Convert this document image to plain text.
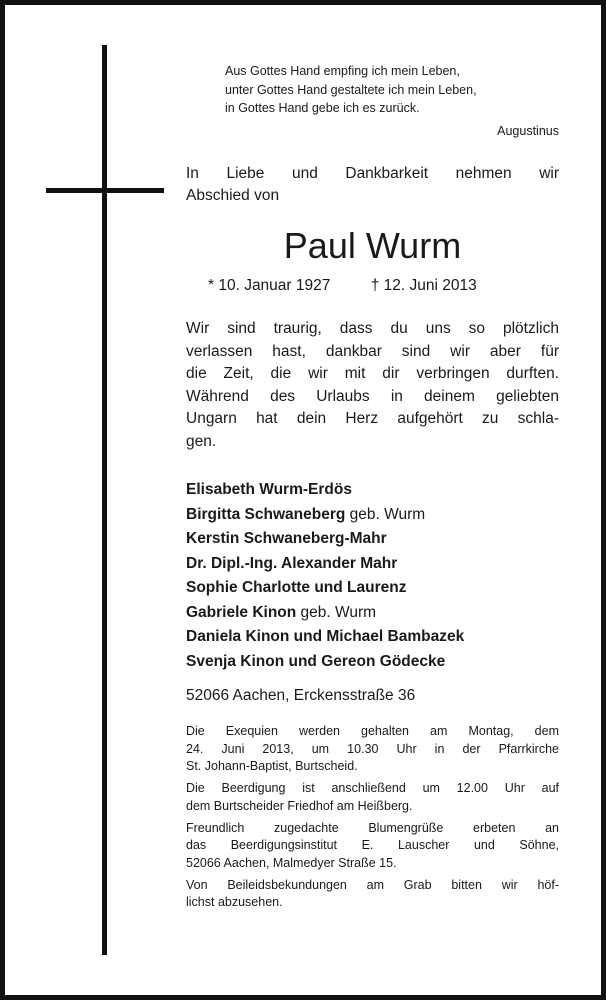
Aus Gottes Hand empfing ich mein Leben,
unter Gottes Hand gestaltete ich mein Leben,
in Gottes Hand gebe ich es zurück.
Augustinus
In Liebe und Dankbarkeit nehmen wir
Abschied von
Paul Wurm
* 10. Januar 1927	† 12. Juni 2013
Wir sind traurig, dass du uns so plötzlich
verlassen hast, dankbar sind wir aber für
die Zeit, die wir mit dir verbringen durften.
Während des Urlaubs in deinem geliebten
Ungarn hat dein Herz aufgehört zu schla-
gen.
Elisabeth Wurm-Erdös
Birgitta Schwaneberg geb. Wurm
Kerstin Schwaneberg-Mahr
Dr. Dipl.-Ing. Alexander Mahr
Sophie Charlotte und Laurenz
Gabriele Kinon geb. Wurm
Daniela Kinon und Michael Bambazek
Svenja Kinon und Gereon Gödecke
52066 Aachen, Erckensstraße 36

Die Exequien werden gehalten am Montag, dem
24. Juni 2013, um 10.30 Uhr in der Pfarrkirche
St. Johann-Baptist, Burtscheid.

Die Beerdigung ist anschließend um 12.00 Uhr auf
dem Burtscheider Friedhof am Heißberg.

Freundlich zugedachte Blumengrüße erbeten an
das Beerdigungsinstitut E. Lauscher und Söhne,
52066 Aachen, Malmedyer Straße 15.

Von Beileidsbekundungen am Grab bitten wir höf-
lichst abzusehen.
